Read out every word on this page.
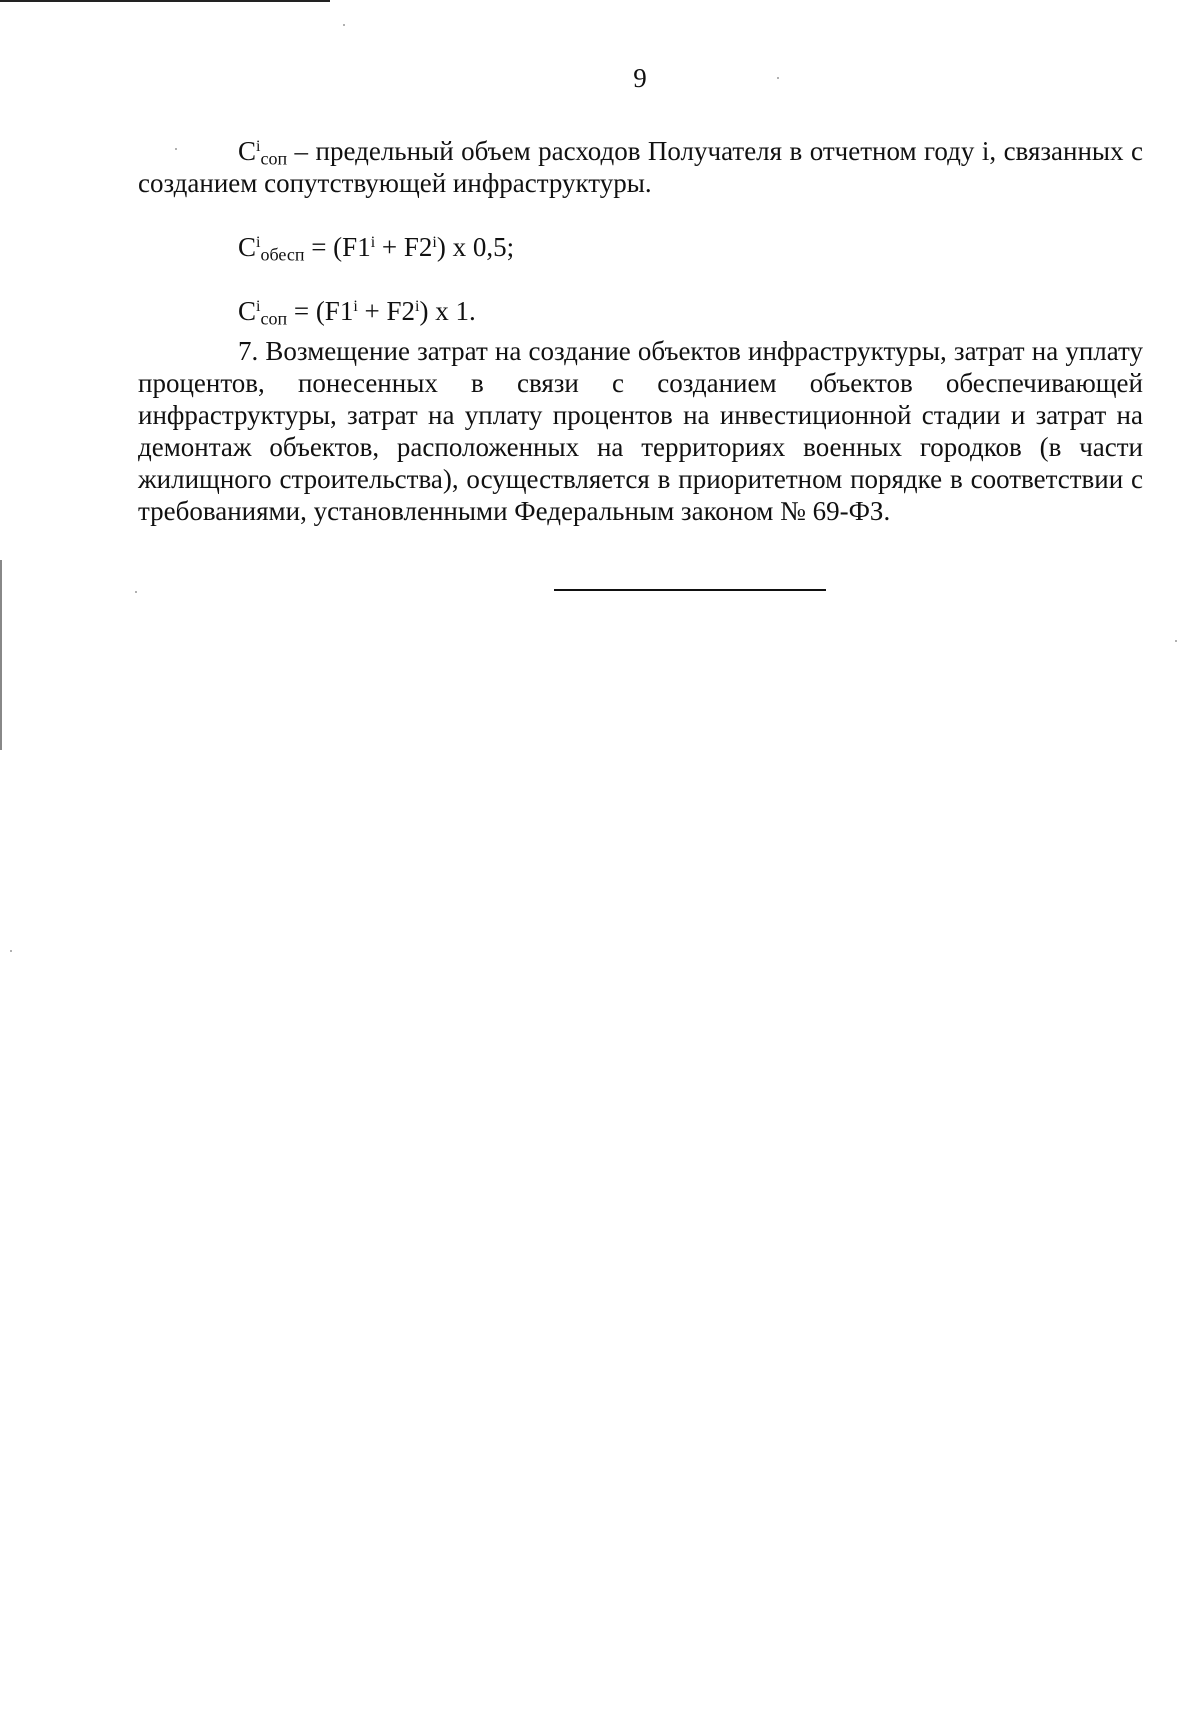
9

$C^i_{соп}$ – предельный объем расходов Получателя в отчетном году i, связанных с созданием сопутствующей инфраструктуры.

$C^i_{обесп} = (F1^i + F2^i)$ x 0,5;
$C^i_{соп} = (F1^i + F2^i)$ x 1.

7. Возмещение затрат на создание объектов инфраструктуры, затрат на уплату процентов, понесенных в связи с созданием объектов обеспечивающей инфраструктуры, затрат на уплату процентов на инвестиционной стадии и затрат на демонтаж объектов, расположенных на территориях военных городков (в части жилищного строительства), осуществляется в приоритетном порядке в соответствии с требованиями, установленными Федеральным законом № 69-ФЗ.
